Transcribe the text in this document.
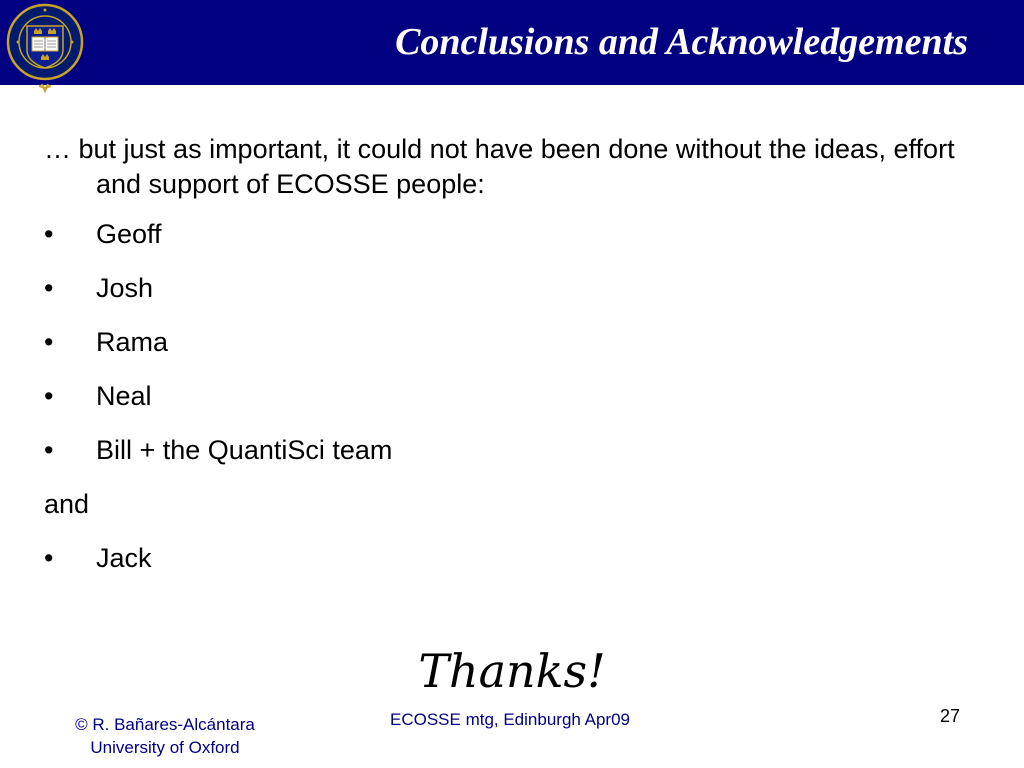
Conclusions and Acknowledgements
… but just as important, it could not have been done without the ideas, effort and support of ECOSSE people:
• Geoff
• Josh
• Rama
• Neal
• Bill + the QuantiSci team
and
• Jack
Thanks!
© R. Bañares-Alcántara
University of Oxford
ECOSSE mtg, Edinburgh Apr09	27
